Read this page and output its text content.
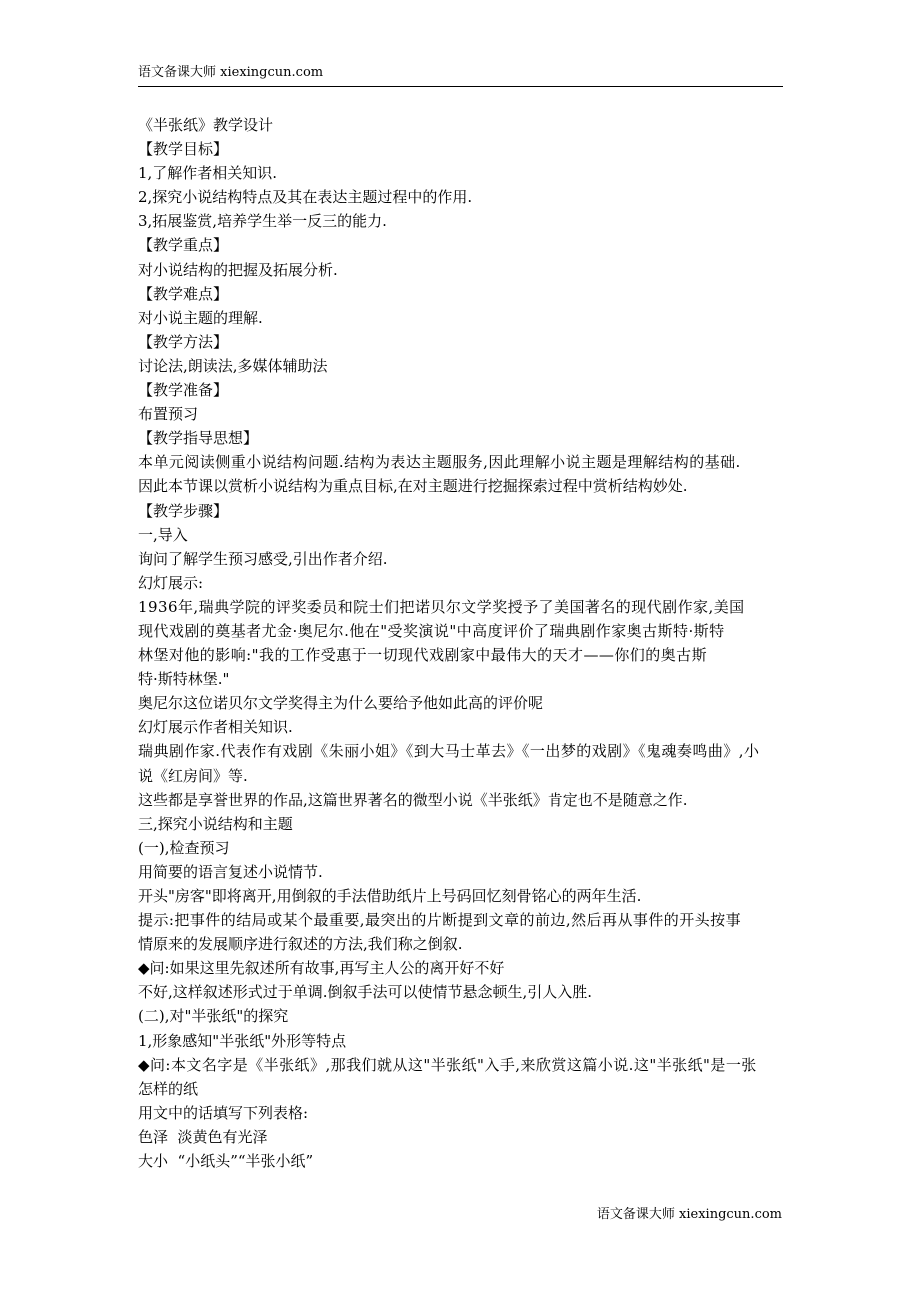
语文备课大师 xiexingcun.com

《半张纸》教学设计

【教学目标】

1,了解作者相关知识.

2,探究小说结构特点及其在表达主题过程中的作用.

3,拓展鉴赏,培养学生举一反三的能力.

【教学重点】

对小说结构的把握及拓展分析.

【教学难点】

对小说主题的理解.

【教学方法】

讨论法,朗读法,多媒体辅助法

【教学准备】

布置预习

【教学指导思想】

本单元阅读侧重小说结构问题.结构为表达主题服务,因此理解小说主题是理解结构的基础.

因此本节课以赏析小说结构为重点目标,在对主题进行挖掘探索过程中赏析结构妙处.

【教学步骤】

一,导入

询问了解学生预习感受,引出作者介绍.

幻灯展示:

1936年,瑞典学院的评奖委员和院士们把诺贝尔文学奖授予了美国著名的现代剧作家,美国

现代戏剧的奠基者尤金·奥尼尔.他在"受奖演说"中高度评价了瑞典剧作家奥古斯特·斯特

林堡对他的影响:"我的工作受惠于一切现代戏剧家中最伟大的天才——你们的奥古斯

特·斯特林堡."

奥尼尔这位诺贝尔文学奖得主为什么要给予他如此高的评价呢

幻灯展示作者相关知识.

瑞典剧作家.代表作有戏剧《朱丽小姐》《到大马士革去》《一出梦的戏剧》《鬼魂奏鸣曲》,小

说《红房间》等.

这些都是享誉世界的作品,这篇世界著名的微型小说《半张纸》肯定也不是随意之作.

三,探究小说结构和主题

(一),检查预习

用简要的语言复述小说情节.

开头"房客"即将离开,用倒叙的手法借助纸片上号码回忆刻骨铭心的两年生活.

提示:把事件的结局或某个最重要,最突出的片断提到文章的前边,然后再从事件的开头按事

情原来的发展顺序进行叙述的方法,我们称之倒叙.

◆问:如果这里先叙述所有故事,再写主人公的离开好不好

不好,这样叙述形式过于单调.倒叙手法可以使情节悬念顿生,引人入胜.

(二),对"半张纸"的探究

1,形象感知"半张纸"外形等特点

◆问:本文名字是《半张纸》,那我们就从这"半张纸"入手,来欣赏这篇小说.这"半张纸"是一张

怎样的纸

用文中的话填写下列表格:

色泽  淡黄色有光泽

大小  “小纸头”“半张小纸”

语文备课大师 xiexingcun.com
